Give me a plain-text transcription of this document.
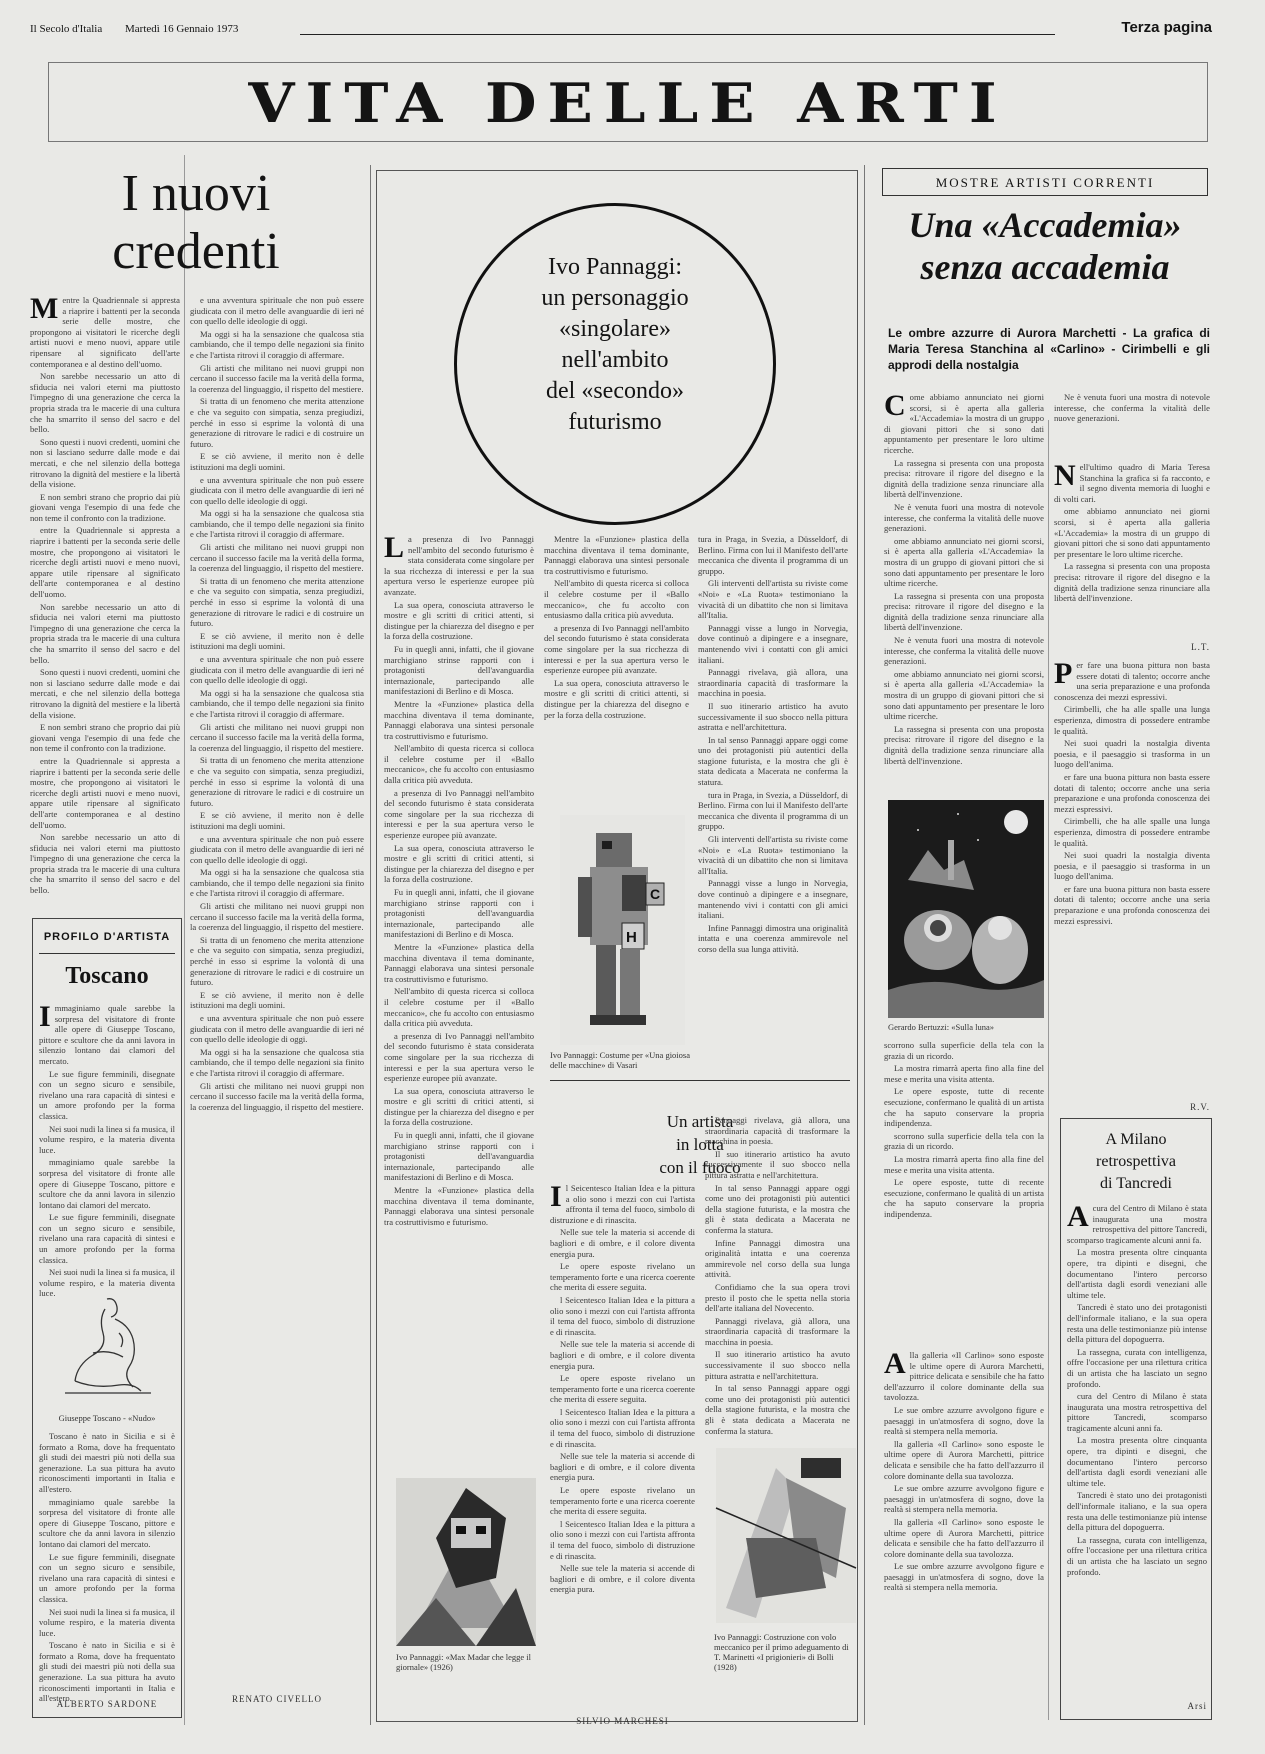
Il Secolo d'Italia Martedì 16 Gennaio 1973	Terza pagina
VITA DELLE ARTI
I nuovi
credenti
M entre la Quadriennale si appresta a riaprire i battenti per la seconda serie delle mostre, che propongono ai visitatori le ricerche degli artisti nuovi e meno nuovi, appare utile ripensare al significato dell'arte contemporanea e al destino dell'uomo.

Non sarebbe necessario un atto di sfiducia nei valori eterni ma piuttosto l'impegno di una generazione che cerca la propria strada tra le macerie di una cultura che ha smarrito il senso del sacro e del bello.

Sono questi i nuovi credenti, uomini che non si lasciano sedurre dalle mode e dai mercati, e che nel silenzio della bottega ritrovano la dignità del mestiere e la libertà della visione.

E non sembri strano che proprio dai più giovani venga l'esempio di una fede che non teme il confronto con la tradizione.

entre la Quadriennale si appresta a riaprire i battenti per la seconda serie delle mostre, che propongono ai visitatori le ricerche degli artisti nuovi e meno nuovi, appare utile ripensare al significato dell'arte contemporanea e al destino dell'uomo.

Non sarebbe necessario un atto di sfiducia nei valori eterni ma piuttosto l'impegno di una generazione che cerca la propria strada tra le macerie di una cultura che ha smarrito il senso del sacro e del bello.

Sono questi i nuovi credenti, uomini che non si lasciano sedurre dalle mode e dai mercati, e che nel silenzio della bottega ritrovano la dignità del mestiere e la libertà della visione.

E non sembri strano che proprio dai più giovani venga l'esempio di una fede che non teme il confronto con la tradizione.

entre la Quadriennale si appresta a riaprire i battenti per la seconda serie delle mostre, che propongono ai visitatori le ricerche degli artisti nuovi e meno nuovi, appare utile ripensare al significato dell'arte contemporanea e al destino dell'uomo.

Non sarebbe necessario un atto di sfiducia nei valori eterni ma piuttosto l'impegno di una generazione che cerca la propria strada tra le macerie di una cultura che ha smarrito il senso del sacro e del bello.

e una avventura spirituale che non può essere giudicata con il metro delle avanguardie di ieri né con quello delle ideologie di oggi.

Ma oggi si ha la sensazione che qualcosa stia cambiando, che il tempo delle negazioni sia finito e che l'artista ritrovi il coraggio di affermare.

Gli artisti che militano nei nuovi gruppi non cercano il successo facile ma la verità della forma, la coerenza del linguaggio, il rispetto del mestiere.

Si tratta di un fenomeno che merita attenzione e che va seguito con simpatia, senza pregiudizi, perché in esso si esprime la volontà di una generazione di ritrovare le radici e di costruire un futuro.

E se ciò avviene, il merito non è delle istituzioni ma degli uomini.

e una avventura spirituale che non può essere giudicata con il metro delle avanguardie di ieri né con quello delle ideologie di oggi.

Ma oggi si ha la sensazione che qualcosa stia cambiando, che il tempo delle negazioni sia finito e che l'artista ritrovi il coraggio di affermare.

Gli artisti che militano nei nuovi gruppi non cercano il successo facile ma la verità della forma, la coerenza del linguaggio, il rispetto del mestiere.

Si tratta di un fenomeno che merita attenzione e che va seguito con simpatia, senza pregiudizi, perché in esso si esprime la volontà di una generazione di ritrovare le radici e di costruire un futuro.

E se ciò avviene, il merito non è delle istituzioni ma degli uomini.

e una avventura spirituale che non può essere giudicata con il metro delle avanguardie di ieri né con quello delle ideologie di oggi.

Ma oggi si ha la sensazione che qualcosa stia cambiando, che il tempo delle negazioni sia finito e che l'artista ritrovi il coraggio di affermare.

Gli artisti che militano nei nuovi gruppi non cercano il successo facile ma la verità della forma, la coerenza del linguaggio, il rispetto del mestiere.

Si tratta di un fenomeno che merita attenzione e che va seguito con simpatia, senza pregiudizi, perché in esso si esprime la volontà di una generazione di ritrovare le radici e di costruire un futuro.

E se ciò avviene, il merito non è delle istituzioni ma degli uomini.

e una avventura spirituale che non può essere giudicata con il metro delle avanguardie di ieri né con quello delle ideologie di oggi.

Ma oggi si ha la sensazione che qualcosa stia cambiando, che il tempo delle negazioni sia finito e che l'artista ritrovi il coraggio di affermare.

Gli artisti che militano nei nuovi gruppi non cercano il successo facile ma la verità della forma, la coerenza del linguaggio, il rispetto del mestiere.

Si tratta di un fenomeno che merita attenzione e che va seguito con simpatia, senza pregiudizi, perché in esso si esprime la volontà di una generazione di ritrovare le radici e di costruire un futuro.

E se ciò avviene, il merito non è delle istituzioni ma degli uomini.

e una avventura spirituale che non può essere giudicata con il metro delle avanguardie di ieri né con quello delle ideologie di oggi.

Ma oggi si ha la sensazione che qualcosa stia cambiando, che il tempo delle negazioni sia finito e che l'artista ritrovi il coraggio di affermare.

Gli artisti che militano nei nuovi gruppi non cercano il successo facile ma la verità della forma, la coerenza del linguaggio, il rispetto del mestiere.

RENATO CIVELLO
PROFILO D'ARTISTA
Toscano
I mmaginiamo quale sarebbe la sorpresa del visitatore di fronte alle opere di Giuseppe Toscano, pittore e scultore che da anni lavora in silenzio lontano dai clamori del mercato.

Le sue figure femminili, disegnate con un segno sicuro e sensibile, rivelano una rara capacità di sintesi e un amore profondo per la forma classica.

Nei suoi nudi la linea si fa musica, il volume respiro, e la materia diventa luce.

mmaginiamo quale sarebbe la sorpresa del visitatore di fronte alle opere di Giuseppe Toscano, pittore e scultore che da anni lavora in silenzio lontano dai clamori del mercato.

Le sue figure femminili, disegnate con un segno sicuro e sensibile, rivelano una rara capacità di sintesi e un amore profondo per la forma classica.

Nei suoi nudi la linea si fa musica, il volume respiro, e la materia diventa luce.

Giuseppe Toscano - «Nudo»

Toscano è nato in Sicilia e si è formato a Roma, dove ha frequentato gli studi dei maestri più noti della sua generazione. La sua pittura ha avuto riconoscimenti importanti in Italia e all'estero.

mmaginiamo quale sarebbe la sorpresa del visitatore di fronte alle opere di Giuseppe Toscano, pittore e scultore che da anni lavora in silenzio lontano dai clamori del mercato.

Le sue figure femminili, disegnate con un segno sicuro e sensibile, rivelano una rara capacità di sintesi e un amore profondo per la forma classica.

Nei suoi nudi la linea si fa musica, il volume respiro, e la materia diventa luce.

Toscano è nato in Sicilia e si è formato a Roma, dove ha frequentato gli studi dei maestri più noti della sua generazione. La sua pittura ha avuto riconoscimenti importanti in Italia e all'estero.

ALBERTO SARDONE
Ivo Pannaggi:
un personaggio
«singolare»
nell'ambito
del «secondo»
futurismo
L a presenza di Ivo Pannaggi nell'ambito del secondo futurismo è stata considerata come singolare per la sua ricchezza di interessi e per la sua apertura verso le esperienze europee più avanzate.

La sua opera, conosciuta attraverso le mostre e gli scritti di critici attenti, si distingue per la chiarezza del disegno e per la forza della costruzione.

Fu in quegli anni, infatti, che il giovane marchigiano strinse rapporti con i protagonisti dell'avanguardia internazionale, partecipando alle manifestazioni di Berlino e di Mosca.

Mentre la «Funzione» plastica della macchina diventava il tema dominante, Pannaggi elaborava una sintesi personale tra costruttivismo e futurismo.

Nell'ambito di questa ricerca si colloca il celebre costume per il «Ballo meccanico», che fu accolto con entusiasmo dalla critica più avveduta.

a presenza di Ivo Pannaggi nell'ambito del secondo futurismo è stata considerata come singolare per la sua ricchezza di interessi e per la sua apertura verso le esperienze europee più avanzate.

La sua opera, conosciuta attraverso le mostre e gli scritti di critici attenti, si distingue per la chiarezza del disegno e per la forza della costruzione.

Fu in quegli anni, infatti, che il giovane marchigiano strinse rapporti con i protagonisti dell'avanguardia internazionale, partecipando alle manifestazioni di Berlino e di Mosca.

Mentre la «Funzione» plastica della macchina diventava il tema dominante, Pannaggi elaborava una sintesi personale tra costruttivismo e futurismo.

Nell'ambito di questa ricerca si colloca il celebre costume per il «Ballo meccanico», che fu accolto con entusiasmo dalla critica più avveduta.

a presenza di Ivo Pannaggi nell'ambito del secondo futurismo è stata considerata come singolare per la sua ricchezza di interessi e per la sua apertura verso le esperienze europee più avanzate.

La sua opera, conosciuta attraverso le mostre e gli scritti di critici attenti, si distingue per la chiarezza del disegno e per la forza della costruzione.

Fu in quegli anni, infatti, che il giovane marchigiano strinse rapporti con i protagonisti dell'avanguardia internazionale, partecipando alle manifestazioni di Berlino e di Mosca.

Mentre la «Funzione» plastica della macchina diventava il tema dominante, Pannaggi elaborava una sintesi personale tra costruttivismo e futurismo.

Mentre la «Funzione» plastica della macchina diventava il tema dominante, Pannaggi elaborava una sintesi personale tra costruttivismo e futurismo.

Nell'ambito di questa ricerca si colloca il celebre costume per il «Ballo meccanico», che fu accolto con entusiasmo dalla critica più avveduta.

a presenza di Ivo Pannaggi nell'ambito del secondo futurismo è stata considerata come singolare per la sua ricchezza di interessi e per la sua apertura verso le esperienze europee più avanzate.

La sua opera, conosciuta attraverso le mostre e gli scritti di critici attenti, si distingue per la chiarezza del disegno e per la forza della costruzione.

tura in Praga, in Svezia, a Düsseldorf, di Berlino. Firma con lui il Manifesto dell'arte meccanica che diventa il programma di un gruppo.

Gli interventi dell'artista su riviste come «Noi» e «La Ruota» testimoniano la vivacità di un dibattito che non si limitava all'Italia.

Pannaggi visse a lungo in Norvegia, dove continuò a dipingere e a insegnare, mantenendo vivi i contatti con gli amici italiani.

Pannaggi rivelava, già allora, una straordinaria capacità di trasformare la macchina in poesia.

Il suo itinerario artistico ha avuto successivamente il suo sbocco nella pittura astratta e nell'architettura.

In tal senso Pannaggi appare oggi come uno dei protagonisti più autentici della stagione futurista, e la mostra che gli è stata dedicata a Macerata ne conferma la statura.

tura in Praga, in Svezia, a Düsseldorf, di Berlino. Firma con lui il Manifesto dell'arte meccanica che diventa il programma di un gruppo.

Gli interventi dell'artista su riviste come «Noi» e «La Ruota» testimoniano la vivacità di un dibattito che non si limitava all'Italia.

Pannaggi visse a lungo in Norvegia, dove continuò a dipingere e a insegnare, mantenendo vivi i contatti con gli amici italiani.

Infine Pannaggi dimostra una originalità intatta e una coerenza ammirevole nel corso della sua lunga attività.

C
H
Ivo Pannaggi: Costume per «Una gioiosa delle macchine» di Vasari
Un artista
in lotta
con il fuoco
I l Seicentesco Italian Idea e la pittura a olio sono i mezzi con cui l'artista affronta il tema del fuoco, simbolo di distruzione e di rinascita.

Nelle sue tele la materia si accende di bagliori e di ombre, e il colore diventa energia pura.

Le opere esposte rivelano un temperamento forte e una ricerca coerente che merita di essere seguita.

l Seicentesco Italian Idea e la pittura a olio sono i mezzi con cui l'artista affronta il tema del fuoco, simbolo di distruzione e di rinascita.

Nelle sue tele la materia si accende di bagliori e di ombre, e il colore diventa energia pura.

Le opere esposte rivelano un temperamento forte e una ricerca coerente che merita di essere seguita.

l Seicentesco Italian Idea e la pittura a olio sono i mezzi con cui l'artista affronta il tema del fuoco, simbolo di distruzione e di rinascita.

Nelle sue tele la materia si accende di bagliori e di ombre, e il colore diventa energia pura.

Le opere esposte rivelano un temperamento forte e una ricerca coerente che merita di essere seguita.

l Seicentesco Italian Idea e la pittura a olio sono i mezzi con cui l'artista affronta il tema del fuoco, simbolo di distruzione e di rinascita.

Nelle sue tele la materia si accende di bagliori e di ombre, e il colore diventa energia pura.

SILVIO MARCHESI

Pannaggi rivelava, già allora, una straordinaria capacità di trasformare la macchina in poesia.

Il suo itinerario artistico ha avuto successivamente il suo sbocco nella pittura astratta e nell'architettura.

In tal senso Pannaggi appare oggi come uno dei protagonisti più autentici della stagione futurista, e la mostra che gli è stata dedicata a Macerata ne conferma la statura.

Infine Pannaggi dimostra una originalità intatta e una coerenza ammirevole nel corso della sua lunga attività.

Confidiamo che la sua opera trovi presto il posto che le spetta nella storia dell'arte italiana del Novecento.

Pannaggi rivelava, già allora, una straordinaria capacità di trasformare la macchina in poesia.

Il suo itinerario artistico ha avuto successivamente il suo sbocco nella pittura astratta e nell'architettura.

In tal senso Pannaggi appare oggi come uno dei protagonisti più autentici della stagione futurista, e la mostra che gli è stata dedicata a Macerata ne conferma la statura.

Ivo Pannaggi: «Max Madar che legge il giornale» (1926)
Ivo Pannaggi: Costruzione con volo meccanico per il primo adeguamento di T. Marinetti «I prigionieri» di Bolli (1928)
MOSTRE ARTISTI CORRENTI
Una «Accademia»
senza accademia
Le ombre azzurre di Aurora Marchetti - La grafica di Maria Teresa Stanchina al «Carlino» - Cirimbelli e gli approdi della nostalgia
C ome abbiamo annunciato nei giorni scorsi, si è aperta alla galleria «L'Accademia» la mostra di un gruppo di giovani pittori che si sono dati appuntamento per presentare le loro ultime ricerche.

La rassegna si presenta con una proposta precisa: ritrovare il rigore del disegno e la dignità della tradizione senza rinunciare alla libertà dell'invenzione.

Ne è venuta fuori una mostra di notevole interesse, che conferma la vitalità delle nuove generazioni.

ome abbiamo annunciato nei giorni scorsi, si è aperta alla galleria «L'Accademia» la mostra di un gruppo di giovani pittori che si sono dati appuntamento per presentare le loro ultime ricerche.

La rassegna si presenta con una proposta precisa: ritrovare il rigore del disegno e la dignità della tradizione senza rinunciare alla libertà dell'invenzione.

Ne è venuta fuori una mostra di notevole interesse, che conferma la vitalità delle nuove generazioni.

ome abbiamo annunciato nei giorni scorsi, si è aperta alla galleria «L'Accademia» la mostra di un gruppo di giovani pittori che si sono dati appuntamento per presentare le loro ultime ricerche.

La rassegna si presenta con una proposta precisa: ritrovare il rigore del disegno e la dignità della tradizione senza rinunciare alla libertà dell'invenzione.

Ne è venuta fuori una mostra di notevole interesse, che conferma la vitalità delle nuove generazioni.

N ell'ultimo quadro di Maria Teresa Stanchina la grafica si fa racconto, e il segno diventa memoria di luoghi e di volti cari.

ome abbiamo annunciato nei giorni scorsi, si è aperta alla galleria «L'Accademia» la mostra di un gruppo di giovani pittori che si sono dati appuntamento per presentare le loro ultime ricerche.

La rassegna si presenta con una proposta precisa: ritrovare il rigore del disegno e la dignità della tradizione senza rinunciare alla libertà dell'invenzione.

L.T.
P er fare una buona pittura non basta essere dotati di talento; occorre anche una seria preparazione e una profonda conoscenza dei mezzi espressivi.

Cirimbelli, che ha alle spalle una lunga esperienza, dimostra di possedere entrambe le qualità.

Nei suoi quadri la nostalgia diventa poesia, e il paesaggio si trasforma in un luogo dell'anima.

er fare una buona pittura non basta essere dotati di talento; occorre anche una seria preparazione e una profonda conoscenza dei mezzi espressivi.

Cirimbelli, che ha alle spalle una lunga esperienza, dimostra di possedere entrambe le qualità.

Nei suoi quadri la nostalgia diventa poesia, e il paesaggio si trasforma in un luogo dell'anima.

er fare una buona pittura non basta essere dotati di talento; occorre anche una seria preparazione e una profonda conoscenza dei mezzi espressivi.

R.V.
Gerardo Bertuzzi: «Sulla luna»

scorrono sulla superficie della tela con la grazia di un ricordo.

La mostra rimarrà aperta fino alla fine del mese e merita una visita attenta.

Le opere esposte, tutte di recente esecuzione, confermano le qualità di un artista che ha saputo conservare la propria indipendenza.

scorrono sulla superficie della tela con la grazia di un ricordo.

La mostra rimarrà aperta fino alla fine del mese e merita una visita attenta.

Le opere esposte, tutte di recente esecuzione, confermano le qualità di un artista che ha saputo conservare la propria indipendenza.

A lla galleria «Il Carlino» sono esposte le ultime opere di Aurora Marchetti, pittrice delicata e sensibile che ha fatto dell'azzurro il colore dominante della sua tavolozza.

Le sue ombre azzurre avvolgono figure e paesaggi in un'atmosfera di sogno, dove la realtà si stempera nella memoria.

lla galleria «Il Carlino» sono esposte le ultime opere di Aurora Marchetti, pittrice delicata e sensibile che ha fatto dell'azzurro il colore dominante della sua tavolozza.

Le sue ombre azzurre avvolgono figure e paesaggi in un'atmosfera di sogno, dove la realtà si stempera nella memoria.

lla galleria «Il Carlino» sono esposte le ultime opere di Aurora Marchetti, pittrice delicata e sensibile che ha fatto dell'azzurro il colore dominante della sua tavolozza.

Le sue ombre azzurre avvolgono figure e paesaggi in un'atmosfera di sogno, dove la realtà si stempera nella memoria.

A Milano
retrospettiva
di Tancredi
A cura del Centro di Milano è stata inaugurata una mostra retrospettiva del pittore Tancredi, scomparso tragicamente alcuni anni fa.

La mostra presenta oltre cinquanta opere, tra dipinti e disegni, che documentano l'intero percorso dell'artista dagli esordi veneziani alle ultime tele.

Tancredi è stato uno dei protagonisti dell'informale italiano, e la sua opera resta una delle testimonianze più intense della pittura del dopoguerra.

La rassegna, curata con intelligenza, offre l'occasione per una rilettura critica di un artista che ha lasciato un segno profondo.

cura del Centro di Milano è stata inaugurata una mostra retrospettiva del pittore Tancredi, scomparso tragicamente alcuni anni fa.

La mostra presenta oltre cinquanta opere, tra dipinti e disegni, che documentano l'intero percorso dell'artista dagli esordi veneziani alle ultime tele.

Tancredi è stato uno dei protagonisti dell'informale italiano, e la sua opera resta una delle testimonianze più intense della pittura del dopoguerra.

La rassegna, curata con intelligenza, offre l'occasione per una rilettura critica di un artista che ha lasciato un segno profondo.

Arsi
